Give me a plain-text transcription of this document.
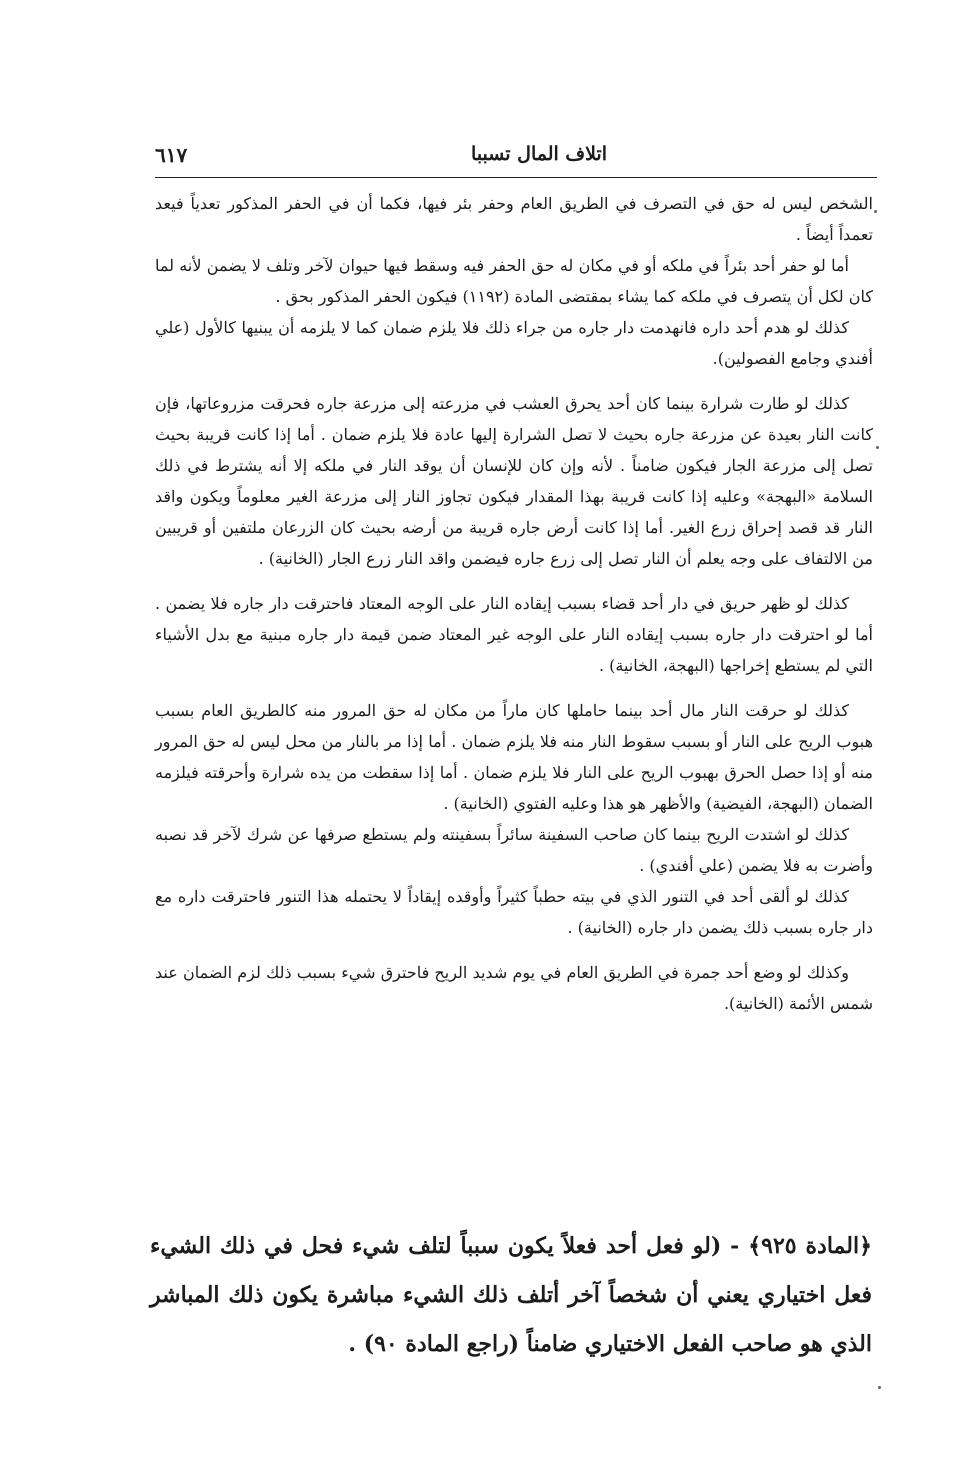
اتلاف المال تسببا
٦١٧

الشخص ليس له حق في التصرف في الطريق العام وحفر بئر فيها، فكما أن في الحفر المذكور تعدياً فيعد تعمداً أيضاً .

أما لو حفر أحد بئراً في ملكه أو في مكان له حق الحفر فيه وسقط فيها حيوان لآخر وتلف لا يضمن لأنه لما كان لكل أن يتصرف في ملكه كما يشاء بمقتضى المادة (١١٩٢) فيكون الحفر المذكور بحق .

كذلك لو هدم أحد داره فانهدمت دار جاره من جراء ذلك فلا يلزم ضمان كما لا يلزمه أن يبنيها كالأول (علي أفندي وجامع الفصولين).

كذلك لو طارت شرارة بينما كان أحد يحرق العشب في مزرعته إلى مزرعة جاره فحرقت مزروعاتها، فإن كانت النار بعيدة عن مزرعة جاره بحيث لا تصل الشرارة إليها عادة فلا يلزم ضمان . أما إذا كانت قريبة بحيث تصل إلى مزرعة الجار فيكون ضامناً . لأنه وإن كان للإنسان أن يوقد النار في ملكه إلا أنه يشترط في ذلك السلامة «البهجة» وعليه إذا كانت قريبة بهذا المقدار فيكون تجاوز النار إلى مزرعة الغير معلوماً ويكون واقد النار قد قصد إحراق زرع الغير. أما إذا كانت أرض جاره قريبة من أرضه بحيث كان الزرعان ملتفين أو قريبين من الالتفاف على وجه يعلم أن النار تصل إلى زرع جاره فيضمن واقد النار زرع الجار (الخانية) .

كذلك لو ظهر حريق في دار أحد قضاء بسبب إيقاده النار على الوجه المعتاد فاحترقت دار جاره فلا يضمن . أما لو احترقت دار جاره بسبب إيقاده النار على الوجه غير المعتاد ضمن قيمة دار جاره مبنية مع بدل الأشياء التي لم يستطع إخراجها (البهجة، الخانية) .

كذلك لو حرقت النار مال أحد بينما حاملها كان ماراً من مكان له حق المرور منه كالطريق العام بسبب هبوب الريح على النار أو بسبب سقوط النار منه فلا يلزم ضمان . أما إذا مر بالنار من محل ليس له حق المرور منه أو إذا حصل الحرق بهبوب الريح على النار فلا يلزم ضمان . أما إذا سقطت من يده شرارة وأحرقته فيلزمه الضمان (البهجة، الفيضية) والأظهر هو هذا وعليه الفتوي (الخانية) .

كذلك لو اشتدت الريح بينما كان صاحب السفينة سائراً بسفينته ولم يستطع صرفها عن شرك لآخر قد نصبه وأضرت به فلا يضمن (علي أفندي) .

كذلك لو ألقى أحد في التنور الذي في بيته حطباً كثيراً وأوقده إيقاداً لا يحتمله هذا التنور فاحترقت داره مع دار جاره بسبب ذلك يضمن دار جاره (الخانية) .

وكذلك لو وضع أحد جمرة في الطريق العام في يوم شديد الريح فاحترق شيء بسبب ذلك لزم الضمان عند شمس الأئمة (الخانية).

﴿المادة ٩٢٥﴾ - (لو فعل أحد فعلاً يكون سبباً لتلف شيء فحل في ذلك الشيء فعل اختياري يعني أن شخصاً آخر أتلف ذلك الشيء مباشرة يكون ذلك المباشر الذي هو صاحب الفعل الاختياري ضامناً (راجع المادة ٩٠) .
